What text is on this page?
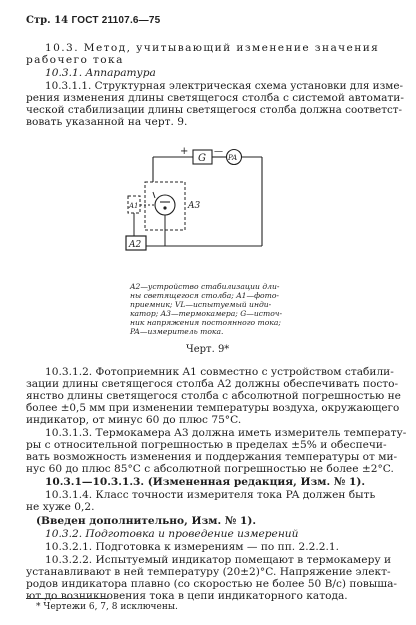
Стр. 14 ГОСТ 21107.6—75
10.3. Метод, учитывающий изменение значения
рабочего тока
10.3.1. Аппаратура
10.3.1.1. Структурная электрическая схема установки для изме-
рения изменения длины светящегося столба с системой автомати-
ческой стабилизации длины светящегося столба должна соответст-
вовать указанной на черт. 9.
G
+	—
PA
A3
A1
A2
A2—устройство стабилизации дли-
ны светящегося столба; A1—фото-
приемник; VL—испытуемый инди-
катор; A3—термокамера; G—источ-
ник напряжения постоянного тока;
PA—измеритель тока.
Черт. 9*
10.3.1.2. Фотоприемник A1 совместно с устройством стабили-
зации длины светящегося столба A2 должны обеспечивать посто-
янство длины светящегося столба с абсолютной погрешностью не
более ±0,5 мм при изменении температуры воздуха, окружающего
индикатор, от минус 60 до плюс 75°C.
10.3.1.3. Термокамера A3 должна иметь измеритель температу-
ры с относительной погрешностью в пределах ±5% и обеспечи-
вать возможность изменения и поддержания температуры от ми-
нус 60 до плюс 85°C с абсолютной погрешностью не более ±2°C.
10.3.1—10.3.1.3. (Измененная редакция, Изм. № 1).
10.3.1.4. Класс точности измерителя тока PA должен быть
не хуже 0,2.
(Введен дополнительно, Изм. № 1).
10.3.2. Подготовка и проведение измерений
10.3.2.1. Подготовка к измерениям — по пп. 2.2.2.1.
10.3.2.2. Испытуемый индикатор помещают в термокамеру и
устанавливают в ней температуру (20±2)°C. Напряжение элект-
родов индикатора плавно (со скоростью не более 50 В/с) повыша-
ют до возникновения тока в цепи индикаторного катода.
* Чертежи 6, 7, 8 исключены.
